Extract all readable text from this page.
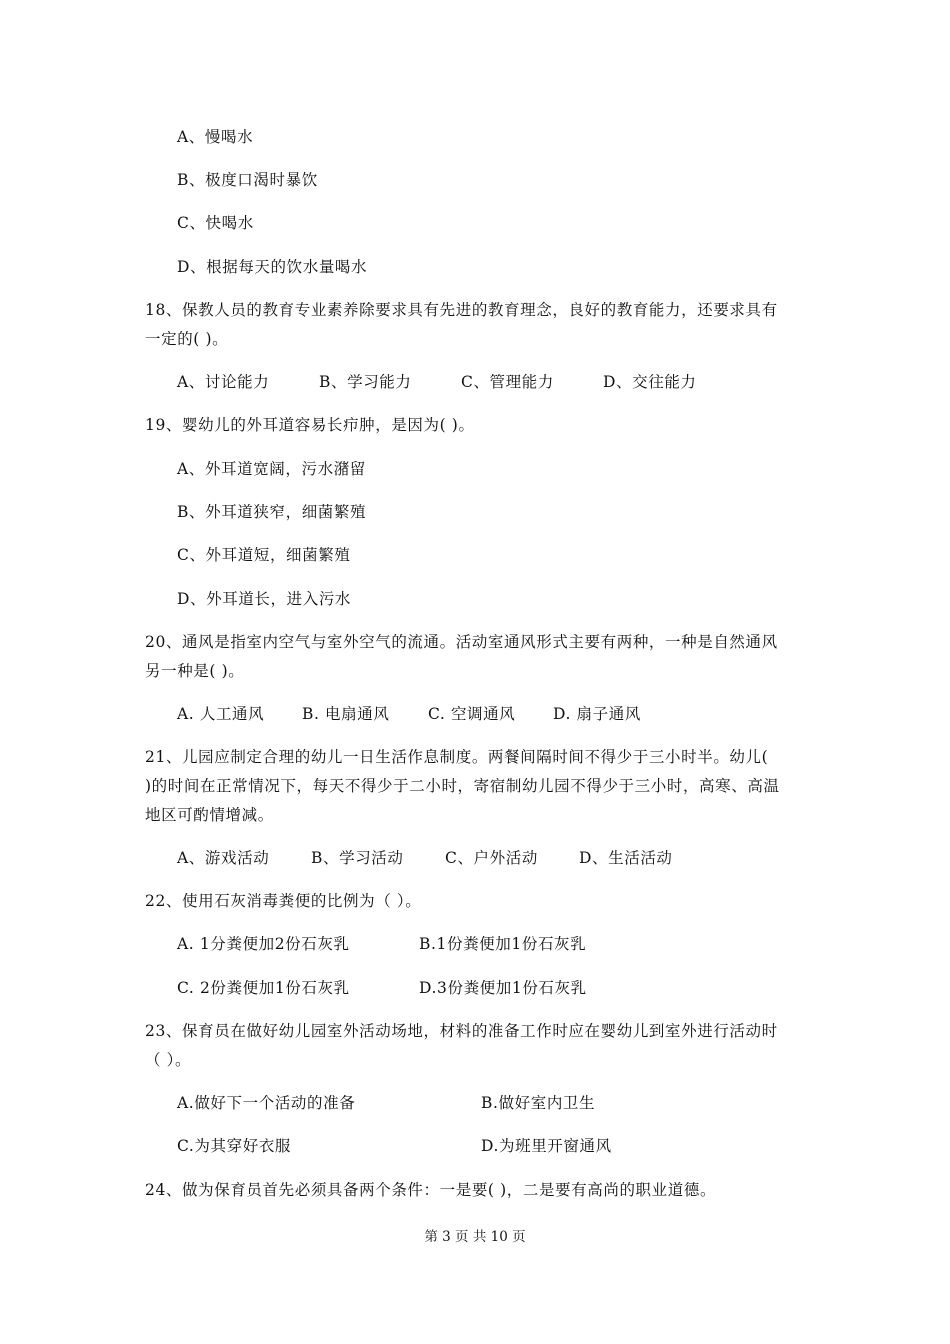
A、慢喝水
B、极度口渴时暴饮
C、快喝水
D、根据每天的饮水量喝水
18、保教人员的教育专业素养除要求具有先进的教育理念，良好的教育能力，还要求具有
一定的( )。
A、讨论能力	B、学习能力	C、管理能力	D、交往能力
19、婴幼儿的外耳道容易长疖肿，是因为( )。
A、外耳道宽阔，污水潴留
B、外耳道狭窄，细菌繁殖
C、外耳道短，细菌繁殖
D、外耳道长，进入污水
20、通风是指室内空气与室外空气的流通。活动室通风形式主要有两种，一种是自然通风
另一种是( )。
A. 人工通风 B. 电扇通风 C. 空调通风 D. 扇子通风
21、儿园应制定合理的幼儿一日生活作息制度。两餐间隔时间不得少于三小时半。幼儿(
)的时间在正常情况下，每天不得少于二小时，寄宿制幼儿园不得少于三小时，高寒、高温
地区可酌情增减。
A、游戏活动	B、学习活动	C、户外活动	D、生活活动
22、使用石灰消毒粪便的比例为（ ）。
A. 1分粪便加2份石灰乳	B.1份粪便加1份石灰乳
C. 2份粪便加1份石灰乳	D.3份粪便加1份石灰乳
23、保育员在做好幼儿园室外活动场地，材料的准备工作时应在婴幼儿到室外进行活动时
（ ）。
A.做好下一个活动的准备	B.做好室内卫生
C.为其穿好衣服	D.为班里开窗通风
24、做为保育员首先必须具备两个条件：一是要( )，二是要有高尚的职业道德。
第 3 页 共 10 页
